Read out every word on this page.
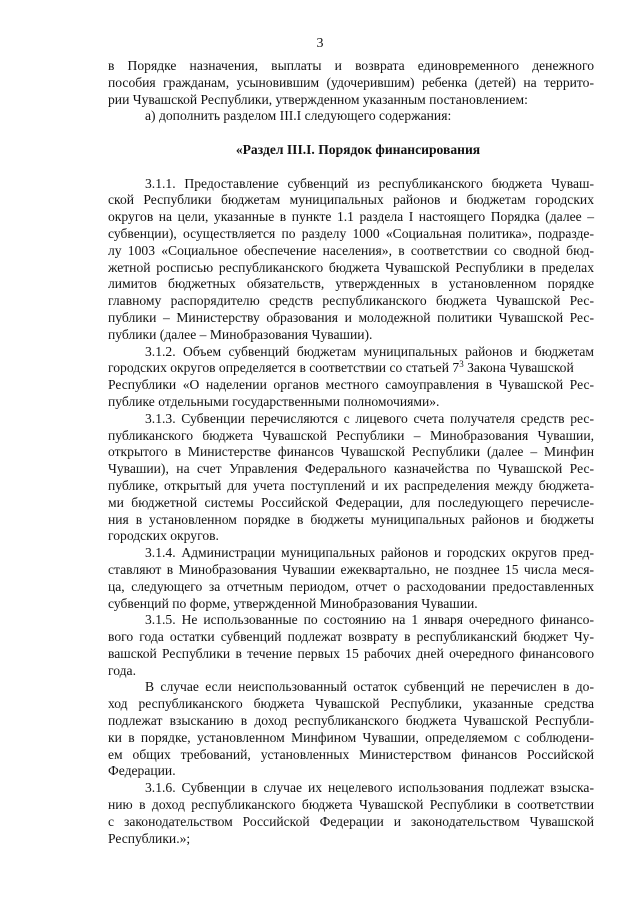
3
в Порядке назначения, выплаты и возврата единовременного денежного
пособия гражданам, усыновившим (удочерившим) ребенка (детей) на террито-
рии Чувашской Республики, утвержденном указанным постановлением:
а) дополнить разделом III.I следующего содержания:
«Раздел III.I. Порядок финансирования
3.1.1. Предоставление субвенций из республиканского бюджета Чуваш-
ской Республики бюджетам муниципальных районов и бюджетам городских
округов на цели, указанные в пункте 1.1 раздела I настоящего Порядка (далее –
субвенции), осуществляется по разделу 1000 «Социальная политика», подразде-
лу 1003 «Социальное обеспечение населения», в соответствии со сводной бюд-
жетной росписью республиканского бюджета Чувашской Республики в пределах
лимитов бюджетных обязательств, утвержденных в установленном порядке
главному распорядителю средств республиканского бюджета Чувашской Рес-
публики – Министерству образования и молодежной политики Чувашской Рес-
публики (далее – Минобразования Чувашии).
3.1.2. Объем субвенций бюджетам муниципальных районов и бюджетам
городских округов определяется в соответствии со статьей $7^3$ Закона Чувашской
Республики «О наделении органов местного самоуправления в Чувашской Рес-
публике отдельными государственными полномочиями».
3.1.3. Субвенции перечисляются с лицевого счета получателя средств рес-
публиканского бюджета Чувашской Республики – Минобразования Чувашии,
открытого в Министерстве финансов Чувашской Республики (далее – Минфин
Чувашии), на счет Управления Федерального казначейства по Чувашской Рес-
публике, открытый для учета поступлений и их распределения между бюджета-
ми бюджетной системы Российской Федерации, для последующего перечисле-
ния в установленном порядке в бюджеты муниципальных районов и бюджеты
городских округов.
3.1.4. Администрации муниципальных районов и городских округов пред-
ставляют в Минобразования Чувашии ежеквартально, не позднее 15 числа меся-
ца, следующего за отчетным периодом, отчет о расходовании предоставленных
субвенций по форме, утвержденной Минобразования Чувашии.
3.1.5. Не использованные по состоянию на 1 января очередного финансо-
вого года остатки субвенций подлежат возврату в республиканский бюджет Чу-
вашской Республики в течение первых 15 рабочих дней очередного финансового
года.
В случае если неиспользованный остаток субвенций не перечислен в до-
ход республиканского бюджета Чувашской Республики, указанные средства
подлежат взысканию в доход республиканского бюджета Чувашской Республи-
ки в порядке, установленном Минфином Чувашии, определяемом с соблюдени-
ем общих требований, установленных Министерством финансов Российской
Федерации.
3.1.6. Субвенции в случае их нецелевого использования подлежат взыска-
нию в доход республиканского бюджета Чувашской Республики в соответствии
с законодательством Российской Федерации и законодательством Чувашской
Республики.»;
